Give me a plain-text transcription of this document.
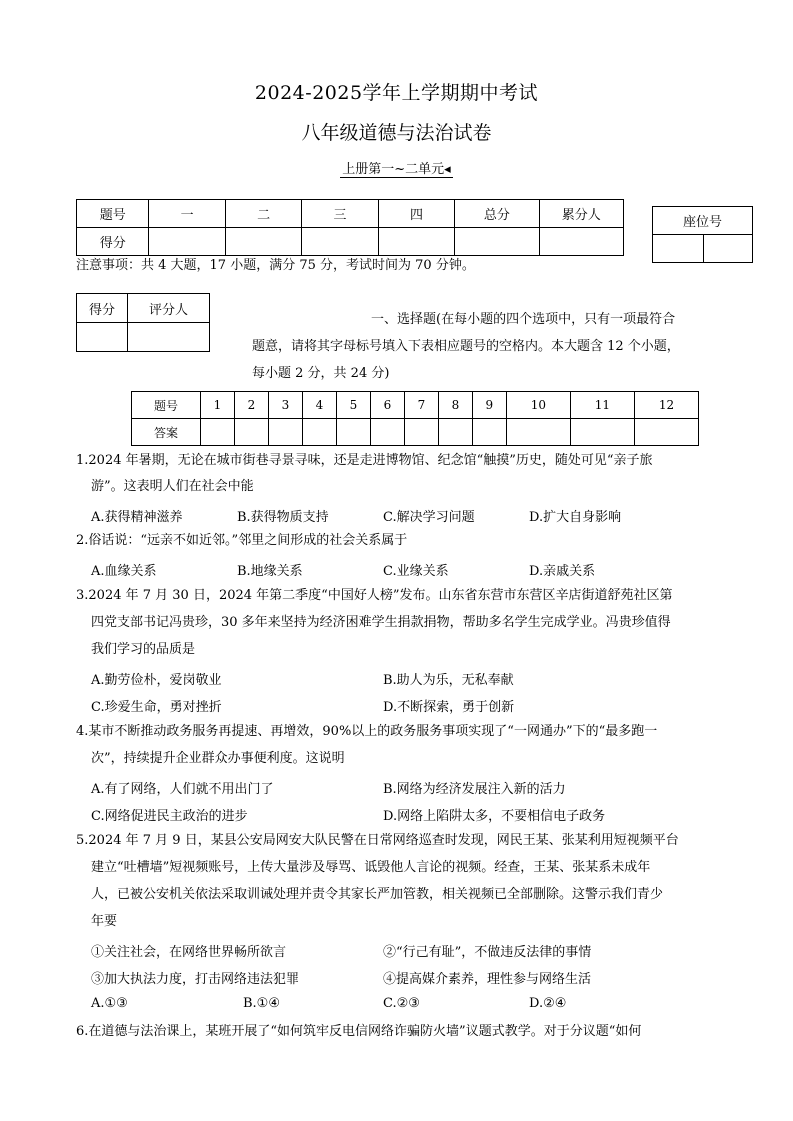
2024-2025学年上学期期中考试
八年级道德与法治试卷
上册第一~二单元◂
题号	一	二	三	四	总分	累分人
得分						
座位号

注意事项：共 4 大题，17 小题，满分 75 分，考试时间为 70 分钟。
得分	评分人

一、选择题(在每小题的四个选项中，只有一项最符合
题意，请将其字母标号填入下表相应题号的空格内。本大题含 12 个小题，
每小题 2 分，共 24 分)
题号	1	2	3	4	5	6	7	8	9	10	11	12
答案												
1.2024 年暑期，无论在城市街巷寻景寻味，还是走进博物馆、纪念馆“触摸”历史，随处可见“亲子旅
游”。这表明人们在社会中能
A.获得精神滋养	B.获得物质支持	C.解决学习问题	D.扩大自身影响
2.俗话说：“远亲不如近邻。”邻里之间形成的社会关系属于
A.血缘关系	B.地缘关系	C.业缘关系	D.亲戚关系
3.2024 年 7 月 30 日，2024 年第二季度“中国好人榜”发布。山东省东营市东营区辛店街道舒苑社区第
四党支部书记冯贵珍，30 多年来坚持为经济困难学生捐款捐物，帮助多名学生完成学业。冯贵珍值得
我们学习的品质是
A.勤劳俭朴，爱岗敬业	B.助人为乐，无私奉献
C.珍爱生命，勇对挫折	D.不断探索，勇于创新
4.某市不断推动政务服务再提速、再增效，90%以上的政务服务事项实现了“一网通办”下的“最多跑一
次”，持续提升企业群众办事便利度。这说明
A.有了网络，人们就不用出门了	B.网络为经济发展注入新的活力
C.网络促进民主政治的进步	D.网络上陷阱太多，不要相信电子政务
5.2024 年 7 月 9 日，某县公安局网安大队民警在日常网络巡查时发现，网民王某、张某利用短视频平台
建立“吐槽墙”短视频账号，上传大量涉及辱骂、诋毁他人言论的视频。经查，王某、张某系未成年
人，已被公安机关依法采取训诫处理并责令其家长严加管教，相关视频已全部删除。这警示我们青少
年要
①关注社会，在网络世界畅所欲言	②“行己有耻”，不做违反法律的事情
③加大执法力度，打击网络违法犯罪	④提高媒介素养，理性参与网络生活
A.①③	B.①④	C.②③	D.②④
6.在道德与法治课上，某班开展了“如何筑牢反电信网络诈骗防火墙”议题式教学。对于分议题“如何
